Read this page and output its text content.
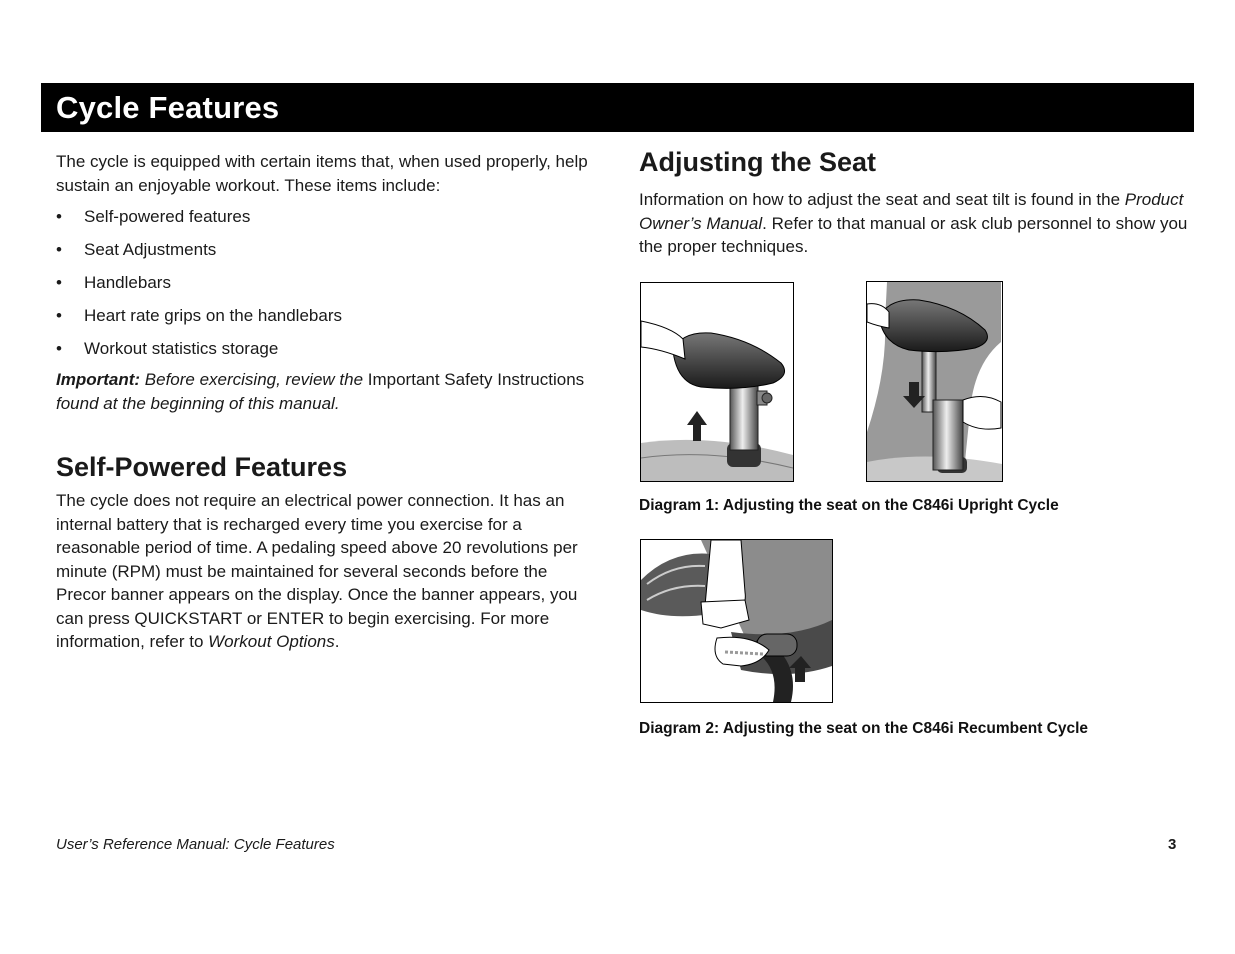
Cycle Features

The cycle is equipped with certain items that, when used properly, help sustain an enjoyable workout. These items include:

• Self-powered features
• Seat Adjustments
• Handlebars
• Heart rate grips on the handlebars
• Workout statistics storage

Important: Before exercising, review the Important Safety Instructions found at the beginning of this manual.

Self-Powered Features

The cycle does not require an electrical power connection. It has an internal battery that is recharged every time you exercise for a reasonable period of time. A pedaling speed above 20 revolutions per minute (RPM) must be maintained for several seconds before the Precor banner appears on the display. Once the banner appears, you can press QUICKSTART or ENTER to begin exercising. For more information, refer to Workout Options.

Adjusting the Seat

Information on how to adjust the seat and seat tilt is found in the Product Owner’s Manual. Refer to that manual or ask club personnel to show you the proper techniques.

Diagram 1: Adjusting the seat on the C846i Upright Cycle
Diagram 2: Adjusting the seat on the C846i Recumbent Cycle
User’s Reference Manual: Cycle Features	3
